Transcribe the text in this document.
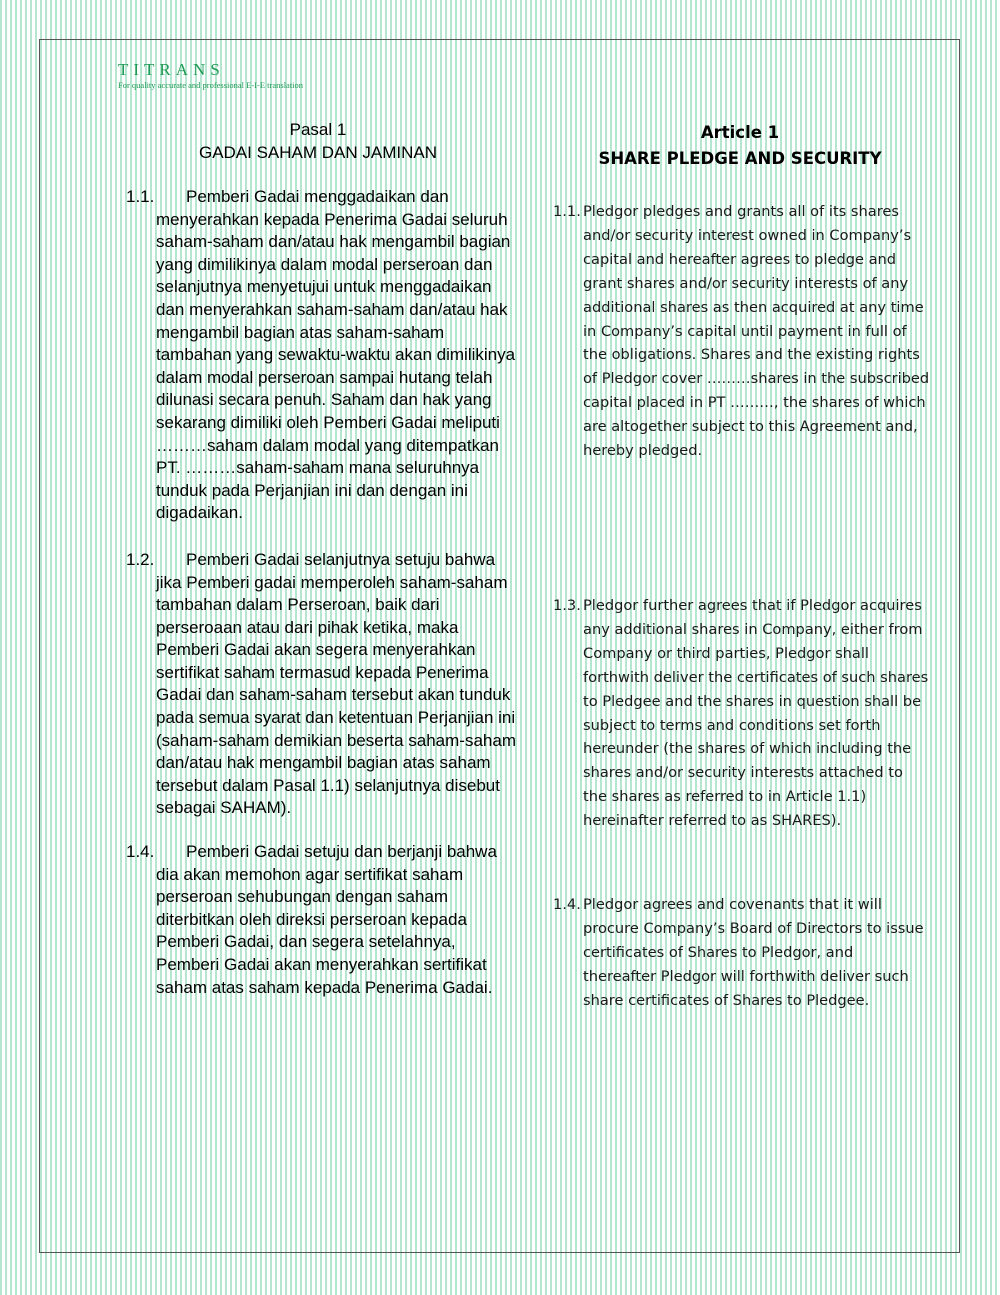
TITRANS

For quality accurate and professional E-I-E translation

Pasal 1
GADAI SAHAM DAN JAMINAN
1.1.	Pemberi Gadai menggadaikan dan menyerahkan kepada Penerima Gadai seluruh saham-saham dan/atau hak mengambil bagian yang dimilikinya dalam modal perseroan dan selanjutnya menyetujui untuk menggadaikan dan menyerahkan saham-saham dan/atau hak mengambil bagian atas saham-saham tambahan yang sewaktu-waktu akan dimilikinya dalam modal perseroan sampai hutang telah dilunasi secara penuh. Saham dan hak yang sekarang dimiliki oleh Pemberi Gadai meliputi ………saham dalam modal yang ditempatkan PT. ………saham-saham mana seluruhnya tunduk pada Perjanjian ini dan dengan ini digadaikan.
1.2.	Pemberi Gadai selanjutnya setuju bahwa jika Pemberi gadai memperoleh saham-saham tambahan dalam Perseroan, baik dari perseroaan atau dari pihak ketika, maka Pemberi Gadai akan segera menyerahkan sertifikat saham termasud kepada Penerima Gadai dan saham-saham tersebut akan tunduk pada semua syarat dan ketentuan Perjanjian ini (saham-saham demikian beserta saham-saham dan/atau hak mengambil bagian atas saham tersebut dalam Pasal 1.1) selanjutnya disebut sebagai SAHAM).
1.4.	Pemberi Gadai setuju dan berjanji bahwa dia akan memohon agar sertifikat saham perseroan sehubungan dengan saham diterbitkan oleh direksi perseroan kepada Pemberi Gadai, dan segera setelahnya, Pemberi Gadai akan menyerahkan sertifikat saham atas saham kepada Penerima Gadai.
Article 1
SHARE PLEDGE AND SECURITY
1.1. Pledgor pledges and grants all of its shares and/or security interest owned in Company’s capital and hereafter agrees to pledge and grant shares and/or security interests of any additional shares as then acquired at any time in Company’s capital until payment in full of the obligations. Shares and the existing rights of Pledgor cover ………shares in the subscribed capital placed in PT ………, the shares of which are altogether subject to this Agreement and, hereby pledged.
1.3. Pledgor further agrees that if Pledgor acquires any additional shares in Company, either from Company or third parties, Pledgor shall forthwith deliver the certificates of such shares to Pledgee and the shares in question shall be subject to terms and conditions set forth hereunder (the shares of which including the shares and/or security interests attached to the shares as referred to in Article 1.1) hereinafter referred to as SHARES).
1.4. Pledgor agrees and covenants that it will procure Company’s Board of Directors to issue certificates of Shares to Pledgor, and thereafter Pledgor will forthwith deliver such share certificates of Shares to Pledgee.
